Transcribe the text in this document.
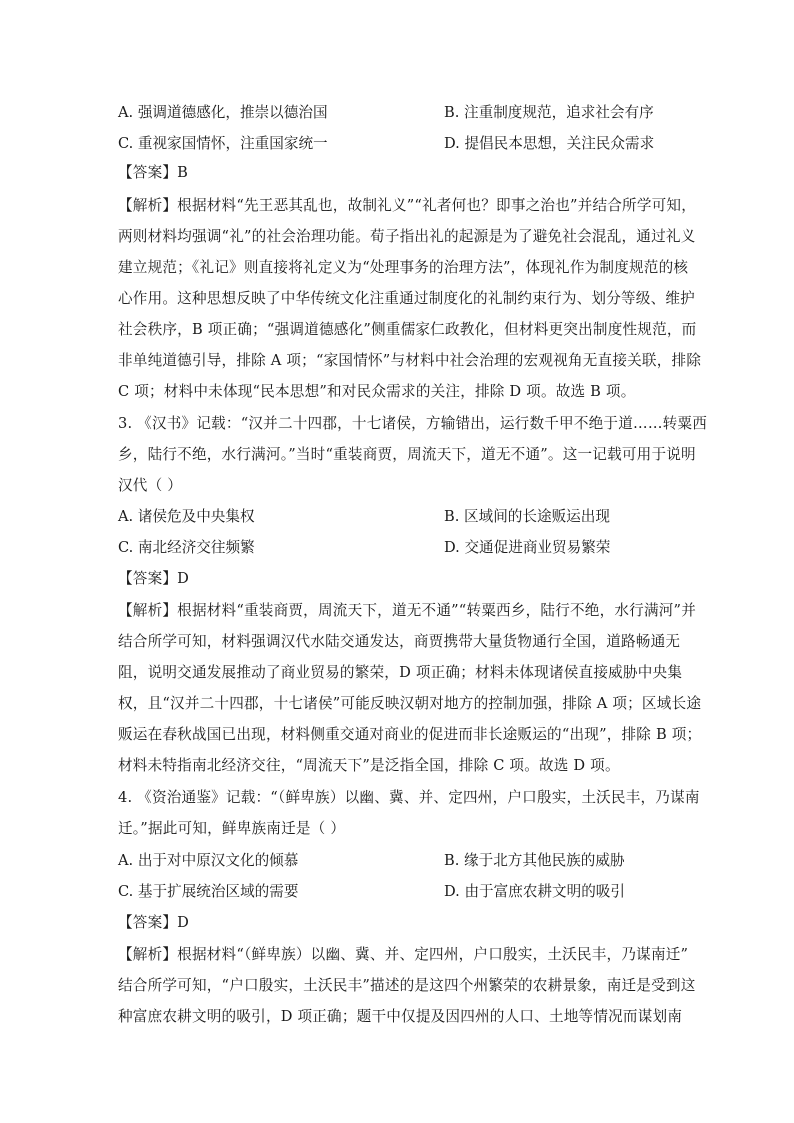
A. 强调道德感化，推崇以德治国	B. 注重制度规范，追求社会有序
C. 重视家国情怀，注重国家统一	D. 提倡民本思想，关注民众需求
【答案】B
【解析】根据材料“先王恶其乱也，故制礼义”“礼者何也？即事之治也”并结合所学可知，
两则材料均强调“礼”的社会治理功能。荀子指出礼的起源是为了避免社会混乱，通过礼义
建立规范；《礼记》则直接将礼定义为“处理事务的治理方法”，体现礼作为制度规范的核
心作用。这种思想反映了中华传统文化注重通过制度化的礼制约束行为、划分等级、维护
社会秩序，B 项正确；“强调道德感化”侧重儒家仁政教化，但材料更突出制度性规范，而
非单纯道德引导，排除 A 项；“家国情怀”与材料中社会治理的宏观视角无直接关联，排除
C 项；材料中未体现“民本思想”和对民众需求的关注，排除 D 项。故选 B 项。
3. 《汉书》记载：“汉并二十四郡，十七诸侯，方输错出，运行数千甲不绝于道……转粟西
乡，陆行不绝，水行满河。”当时“重装商贾，周流天下，道无不通”。这一记载可用于说明
汉代（ ）
A. 诸侯危及中央集权	B. 区域间的长途贩运出现
C. 南北经济交往频繁	D. 交通促进商业贸易繁荣
【答案】D
【解析】根据材料“重装商贾，周流天下，道无不通”“转粟西乡，陆行不绝，水行满河”并
结合所学可知，材料强调汉代水陆交通发达，商贾携带大量货物通行全国，道路畅通无
阻，说明交通发展推动了商业贸易的繁荣，D 项正确；材料未体现诸侯直接威胁中央集
权，且“汉并二十四郡，十七诸侯”可能反映汉朝对地方的控制加强，排除 A 项；区域长途
贩运在春秋战国已出现，材料侧重交通对商业的促进而非长途贩运的“出现”，排除 B 项；
材料未特指南北经济交往，“周流天下”是泛指全国，排除 C 项。故选 D 项。
4. 《资治通鉴》记载：“（鲜卑族）以幽、冀、并、定四州，户口殷实，土沃民丰，乃谋南
迁。”据此可知，鲜卑族南迁是（ ）
A. 出于对中原汉文化的倾慕	B. 缘于北方其他民族的威胁
C. 基于扩展统治区域的需要	D. 由于富庶农耕文明的吸引
【答案】D
【解析】根据材料“（鲜卑族）以幽、冀、并、定四州，户口殷实，土沃民丰，乃谋南迁”
结合所学可知，“户口殷实，土沃民丰”描述的是这四个州繁荣的农耕景象，南迁是受到这
种富庶农耕文明的吸引，D 项正确；题干中仅提及因四州的人口、土地等情况而谋划南
